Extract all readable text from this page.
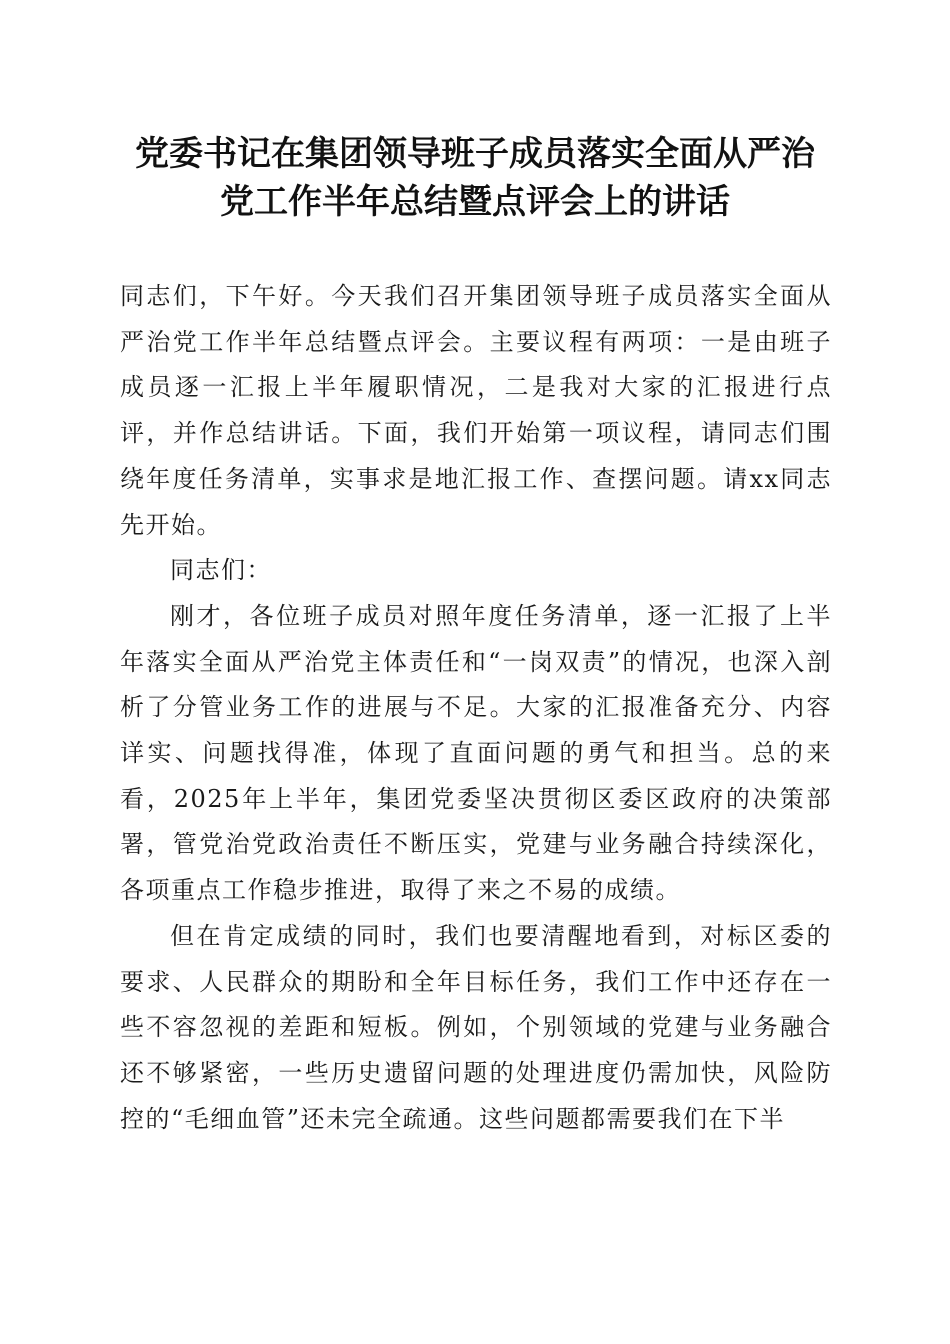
党委书记在集团领导班子成员落实全面从严治
党工作半年总结暨点评会上的讲话

同志们，下午好。今天我们召开集团领导班子成员落实全面从严治党工作半年总结暨点评会。主要议程有两项：一是由班子成员逐一汇报上半年履职情况，二是我对大家的汇报进行点评，并作总结讲话。下面，我们开始第一项议程，请同志们围绕年度任务清单，实事求是地汇报工作、查摆问题。请xx同志先开始。

同志们：

刚才，各位班子成员对照年度任务清单，逐一汇报了上半年落实全面从严治党主体责任和“一岗双责”的情况，也深入剖析了分管业务工作的进展与不足。大家的汇报准备充分、内容详实、问题找得准，体现了直面问题的勇气和担当。总的来看，2025年上半年，集团党委坚决贯彻区委区政府的决策部署，管党治党政治责任不断压实，党建与业务融合持续深化，各项重点工作稳步推进，取得了来之不易的成绩。

但在肯定成绩的同时，我们也要清醒地看到，对标区委的要求、人民群众的期盼和全年目标任务，我们工作中还存在一些不容忽视的差距和短板。例如，个别领域的党建与业务融合还不够紧密，一些历史遗留问题的处理进度仍需加快，风险防控的“毛细血管”还未完全疏通。这些问题都需要我们在下半
